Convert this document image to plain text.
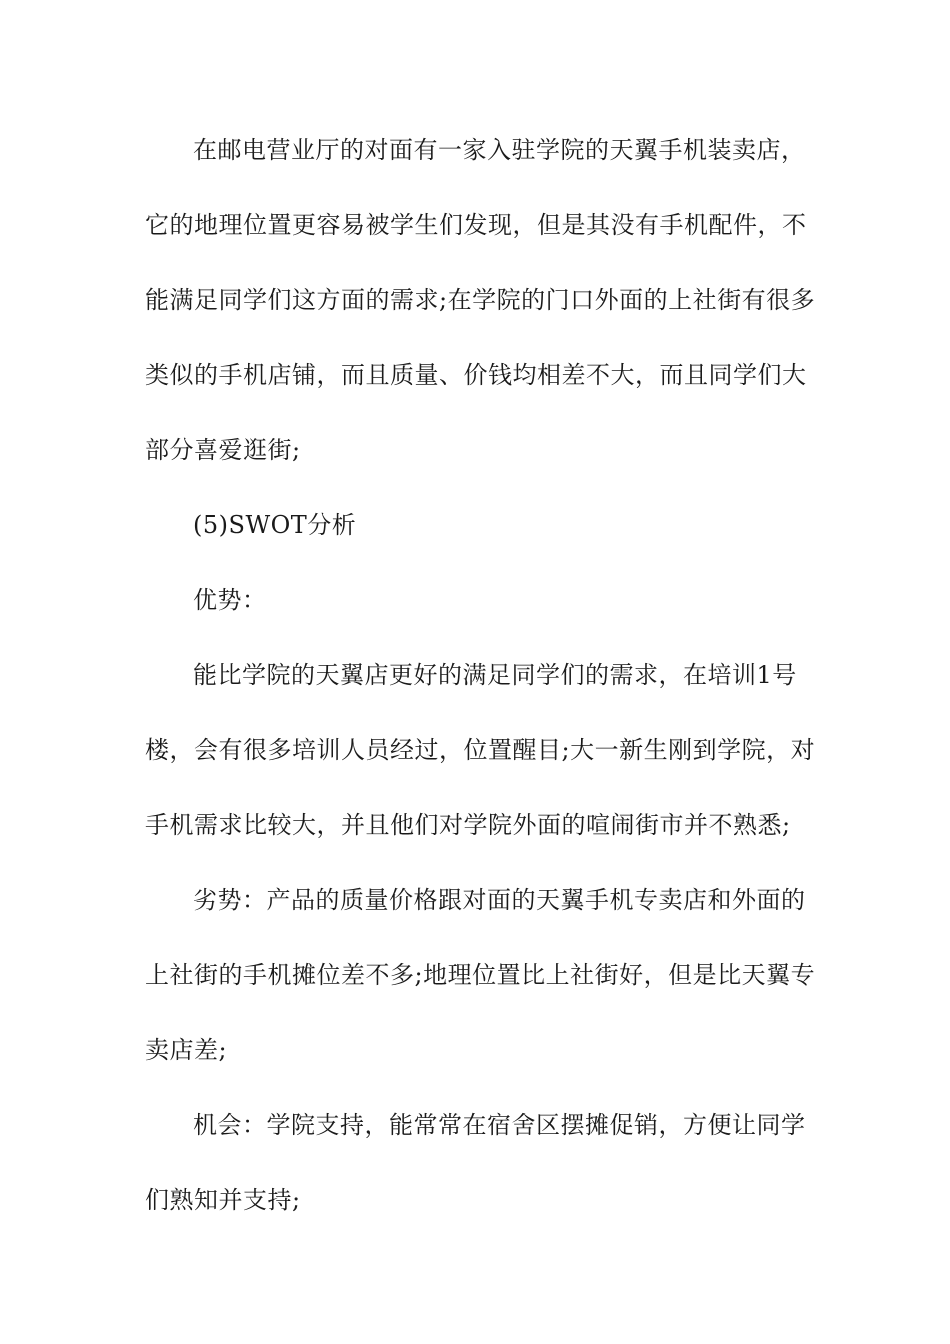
在邮电营业厅的对面有一家入驻学院的天翼手机装卖店，
它的地理位置更容易被学生们发现，但是其没有手机配件，不
能满足同学们这方面的需求;在学院的门口外面的上社街有很多
类似的手机店铺，而且质量、价钱均相差不大，而且同学们大
部分喜爱逛街;
(5)SWOT分析
优势：
能比学院的天翼店更好的满足同学们的需求，在培训1号
楼，会有很多培训人员经过，位置醒目;大一新生刚到学院，对
手机需求比较大，并且他们对学院外面的喧闹街市并不熟悉;
劣势：产品的质量价格跟对面的天翼手机专卖店和外面的
上社街的手机摊位差不多;地理位置比上社街好，但是比天翼专
卖店差;
机会：学院支持，能常常在宿舍区摆摊促销，方便让同学
们熟知并支持;
